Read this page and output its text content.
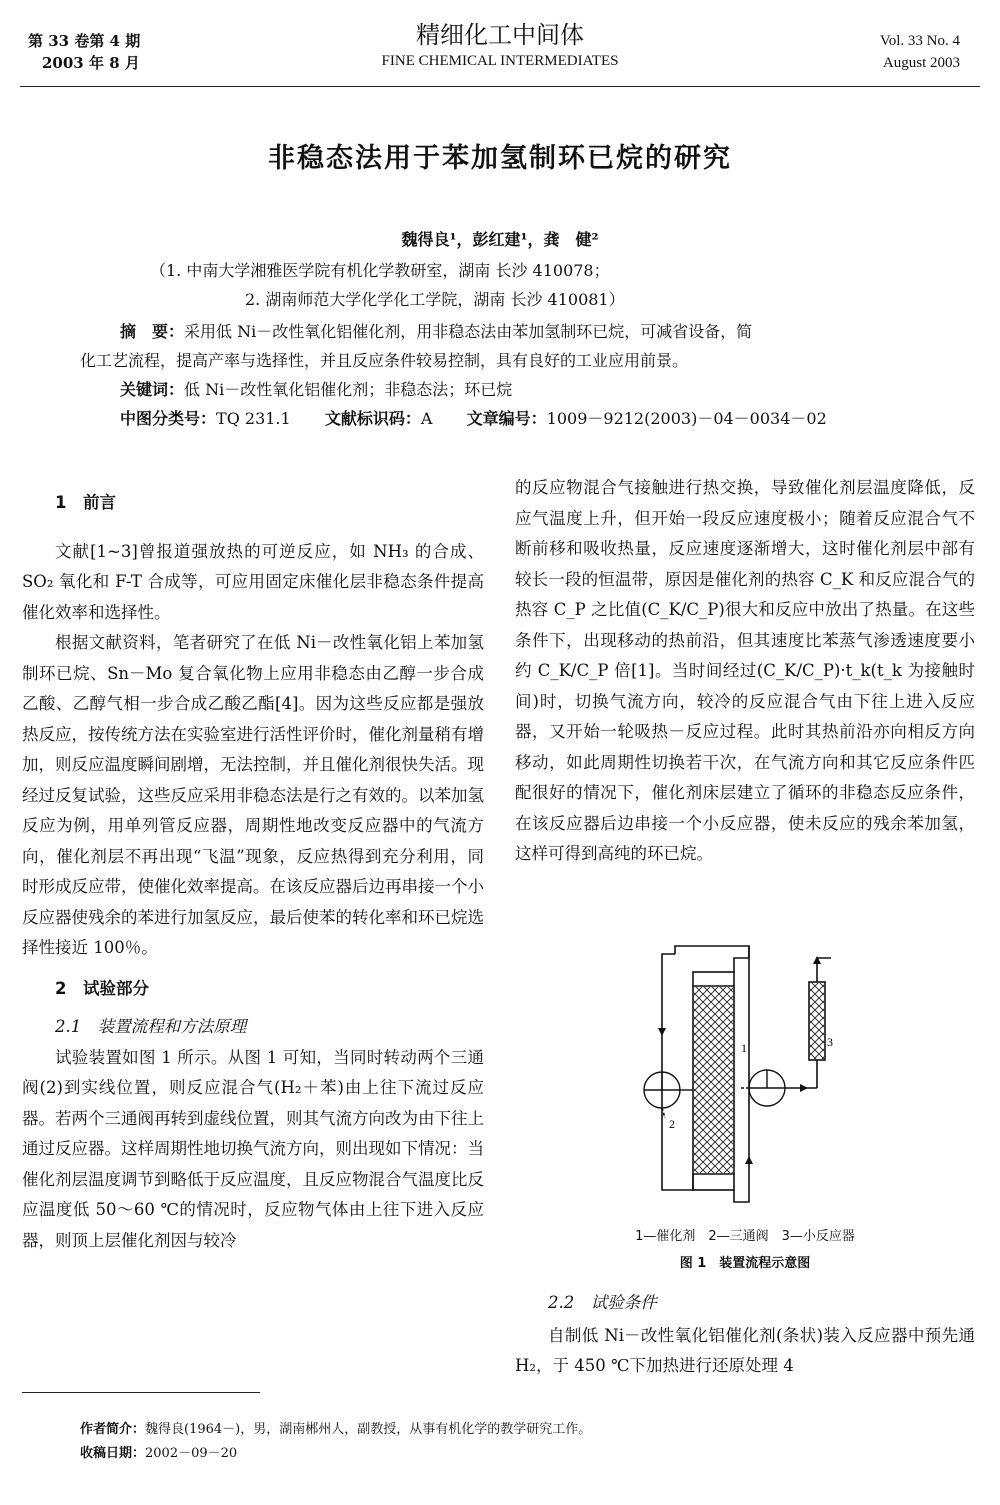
第 33 卷第 4 期
2003 年 8 月
精细化工中间体
FINE CHEMICAL INTERMEDIATES
Vol. 33 No. 4
August 2003
非稳态法用于苯加氢制环已烷的研究
魏得良¹，彭红建¹，龚　健²
（1. 中南大学湘雅医学院有机化学教研室，湖南 长沙 410078；
2. 湖南师范大学化学化工学院，湖南 长沙 410081）
摘　要：采用低 Ni－改性氧化铝催化剂，用非稳态法由苯加氢制环已烷，可减省设备，简
化工艺流程，提高产率与选择性，并且反应条件较易控制，具有良好的工业应用前景。
关键词：低 Ni－改性氧化铝催化剂；非稳态法；环已烷
中图分类号：TQ 231.1 文献标识码：A 文章编号：1009－9212(2003)－04－0034－02

1　前言

文献[1~3]曾报道强放热的可逆反应，如 NH₃ 的合成、SO₂ 氧化和 F-T 合成等，可应用固定床催化层非稳态条件提高催化效率和选择性。

根据文献资料，笔者研究了在低 Ni－改性氧化铝上苯加氢制环已烷、Sn－Mo 复合氧化物上应用非稳态由乙醇一步合成乙酸、乙醇气相一步合成乙酸乙酯[4]。因为这些反应都是强放热反应，按传统方法在实验室进行活性评价时，催化剂量稍有增加，则反应温度瞬间剧增，无法控制，并且催化剂很快失活。现经过反复试验，这些反应采用非稳态法是行之有效的。以苯加氢反应为例，用单列管反应器，周期性地改变反应器中的气流方向，催化剂层不再出现“飞温”现象，反应热得到充分利用，同时形成反应带，使催化效率提高。在该反应器后边再串接一个小反应器使残余的苯进行加氢反应，最后使苯的转化率和环已烷选择性接近 100％。

2　试验部分

2.1　装置流程和方法原理

试验装置如图 1 所示。从图 1 可知，当同时转动两个三通阀(2)到实线位置，则反应混合气(H₂＋苯)由上往下流过反应器。若两个三通阀再转到虚线位置，则其气流方向改为由下往上通过反应器。这样周期性地切换气流方向，则出现如下情况：当催化剂层温度调节到略低于反应温度，且反应物混合气温度比反应温度低 50～60 ℃的情况时，反应物气体由上往下进入反应器，则顶上层催化剂因与较冷

的反应物混合气接触进行热交换，导致催化剂层温度降低，反应气温度上升，但开始一段反应速度极小；随着反应混合气不断前移和吸收热量，反应速度逐渐增大，这时催化剂层中部有较长一段的恒温带，原因是催化剂的热容 C_K 和反应混合气的热容 C_P 之比值(C_K/C_P)很大和反应中放出了热量。在这些条件下，出现移动的热前沿，但其速度比苯蒸气渗透速度要小约 C_K/C_P 倍[1]。当时间经过(C_K/C_P)·t_k(t_k 为接触时间)时，切换气流方向，较冷的反应混合气由下往上进入反应器，又开始一轮吸热－反应过程。此时其热前沿亦向相反方向移动，如此周期性切换若干次，在气流方向和其它反应条件匹配很好的情况下，催化剂床层建立了循环的非稳态反应条件，在该反应器后边串接一个小反应器，使未反应的残余苯加氢，这样可得到高纯的环已烷。

1
2
3
1—催化剂　2—三通阀　3—小反应器
图 1　装置流程示意图

2.2　试验条件

自制低 Ni－改性氧化铝催化剂(条状)装入反应器中预先通 H₂，于 450 ℃下加热进行还原处理 4

作者简介：魏得良(1964－)，男，湖南郴州人，副教授，从事有机化学的教学研究工作。
收稿日期：2002－09－20
